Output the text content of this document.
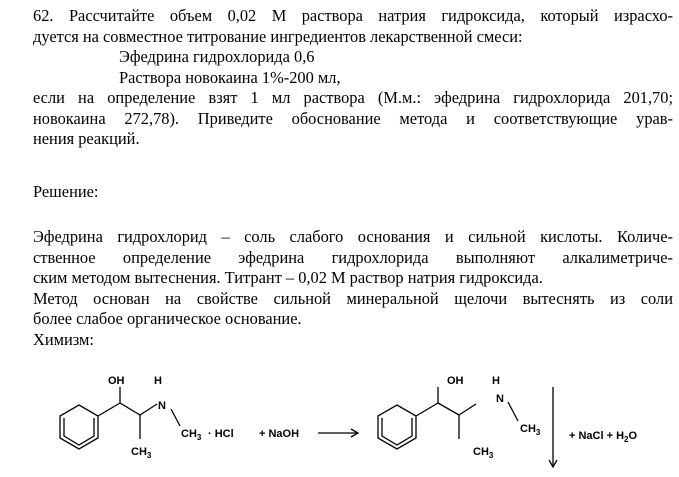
62. Рассчитайте объем 0,02 М раствора натрия гидроксида, который израсхо-
дуется на совместное титрование ингредиентов лекарственной смеси:
Эфедрина гидрохлорида 0,6
Раствора новокаина 1%-200 мл,
если на определение взят 1 мл раствора (М.м.: эфедрина гидрохлорида 201,70;
новокаина 272,78). Приведите обоснование метода и соответствующие урав-
нения реакций.
Решение:
Эфедрина гидрохлорид – соль слабого основания и сильной кислоты. Количе-
ственное определение эфедрина гидрохлорида выполняют алкалиметриче-
ским методом вытеснения. Титрант – 0,02 М раствор натрия гидроксида.
Метод основан на свойстве сильной минеральной щелочи вытеснять из соли
более слабое органическое основание.
Химизм:
OH	H
N
$CH_3$
$CH_3$
· HCl + NaOH
OH	H
N
$CH_3$
$CH_3$
+ NaCl + $H_2O$
